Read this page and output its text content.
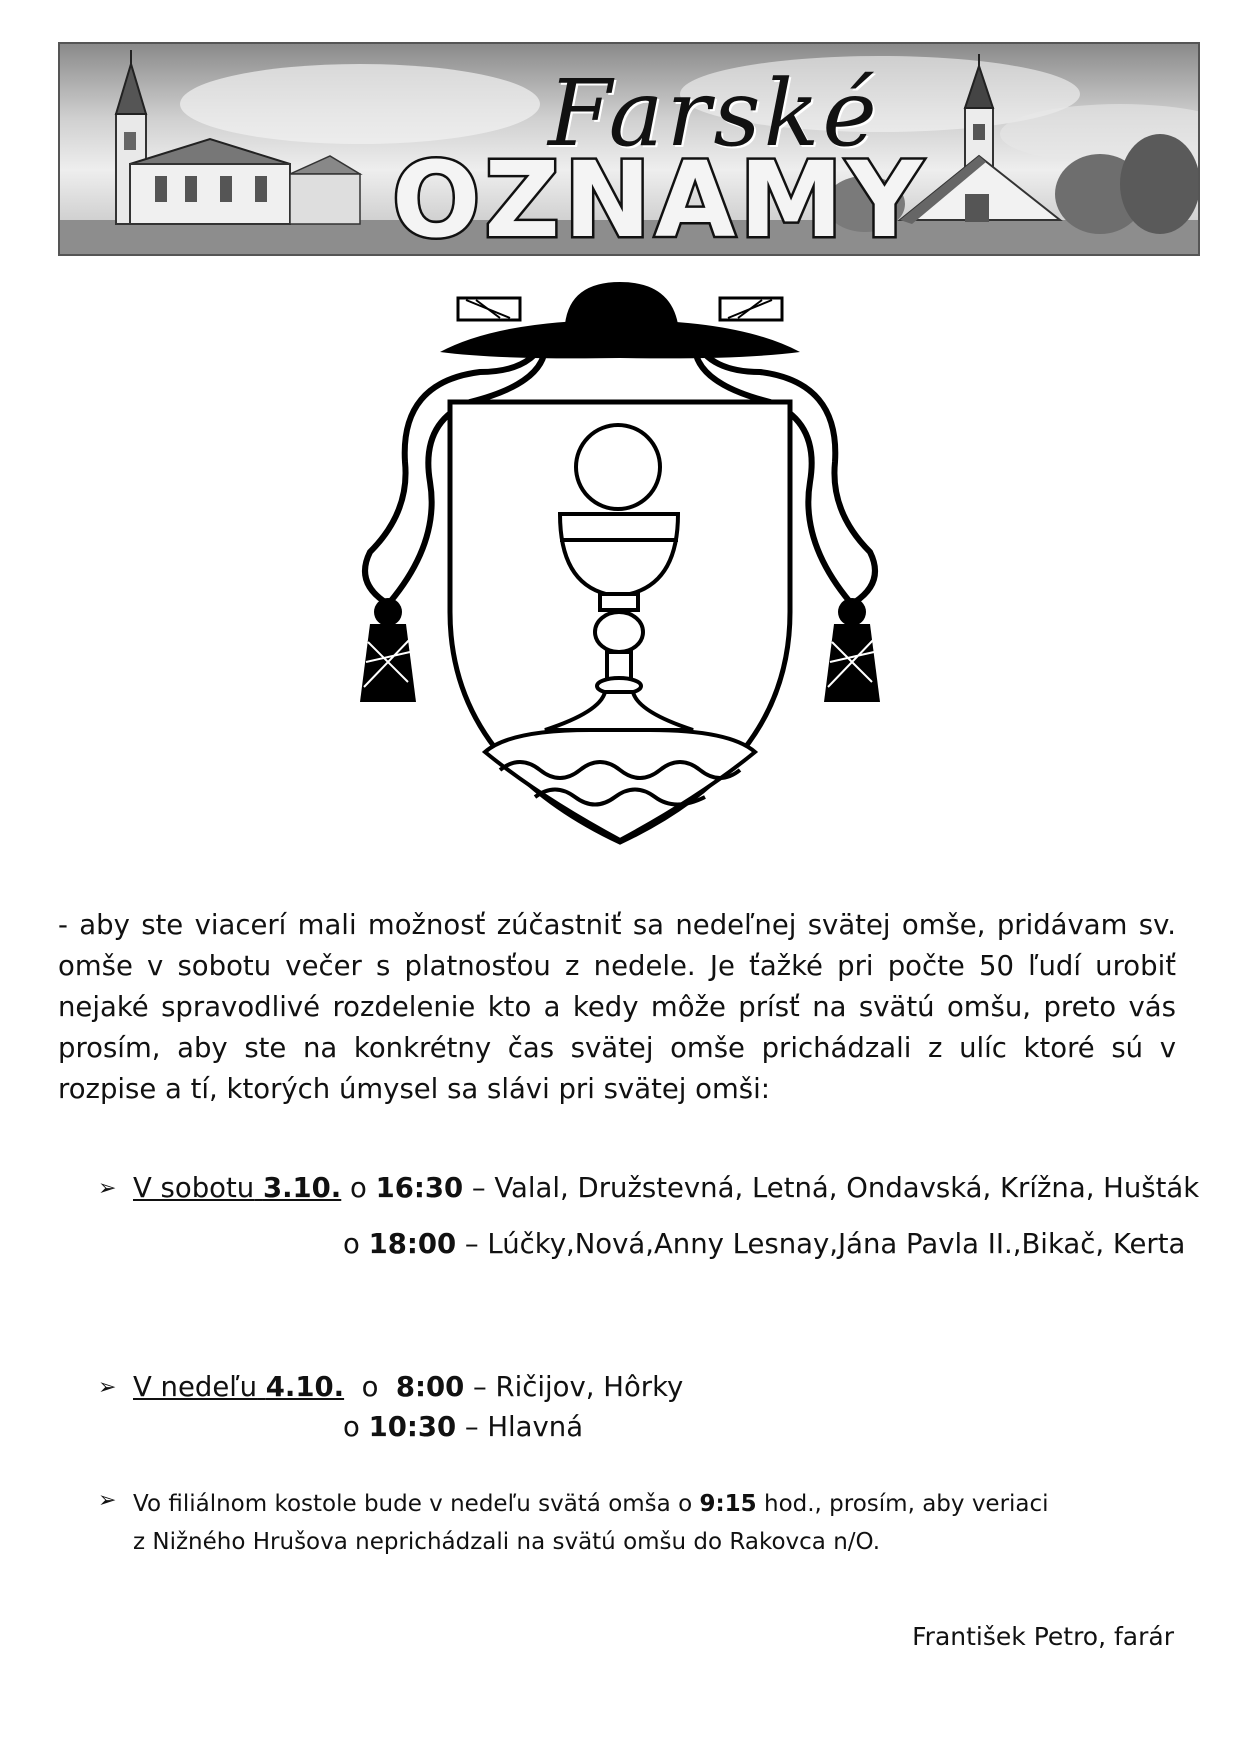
Farské
OZNAMY
- aby ste viacerí mali možnosť zúčastniť sa nedeľnej svätej omše, pridávam sv. omše v sobotu večer s platnosťou z nedele. Je ťažké pri počte 50 ľudí urobiť nejaké spravodlivé rozdelenie kto a kedy môže prísť na svätú omšu, preto vás prosím, aby ste na konkrétny čas svätej omše prichádzali z ulíc ktoré sú v rozpise a tí, ktorých úmysel sa slávi pri svätej omši:
➢ V sobotu 3.10. o 16:30 – Valal, Družstevná, Letná, Ondavská, Krížna, Hušták
o 18:00 – Lúčky,Nová,Anny Lesnay,Jána Pavla II.,Bikač, Kerta
➢ V nedeľu 4.10. o 8:00 – Ričijov, Hôrky
o 10:30 – Hlavná
➢ Vo filiálnom kostole bude v nedeľu svätá omša o 9:15 hod., prosím, aby veriaci
z Nižného Hrušova neprichádzali na svätú omšu do Rakovca n/O.
František Petro, farár
